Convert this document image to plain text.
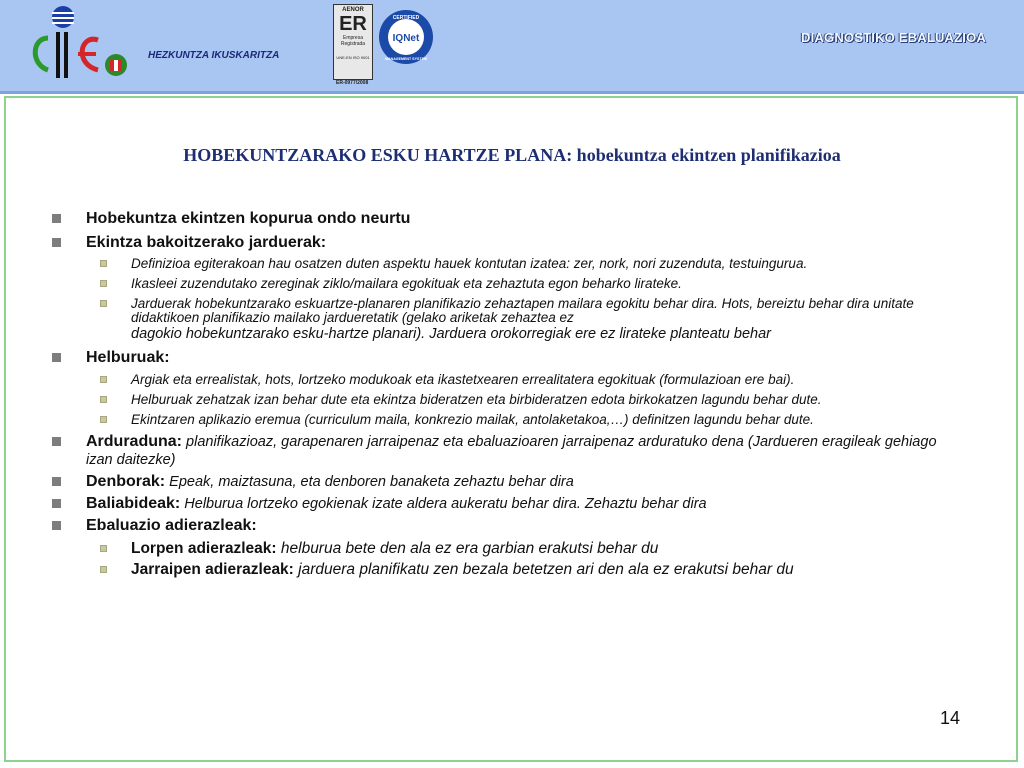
HEZKUNTZA IKUSKARITZA
AENOR
ER
Empresa
Registrada
UNE-EN ISO 9001
ER-0977/2008
IQNet
CERTIFIED
MANAGEMENT SYSTEM
DIAGNOSTIKO EBALUAZIOA
HOBEKUNTZARAKO ESKU HARTZE PLANA: hobekuntza ekintzen planifikazioa
Hobekuntza ekintzen kopurua ondo neurtu
Ekintza bakoitzerako jarduerak:
Definizioa egiterakoan hau osatzen duten aspektu hauek kontutan izatea: zer, nork, nori zuzenduta, testuingurua.
Ikasleei zuzendutako zereginak ziklo/mailara egokituak eta zehaztuta egon beharko lirateke.
Jarduerak hobekuntzarako eskuartze-planaren planifikazio zehaztapen mailara egokitu behar dira. Hots, bereiztu behar dira unitate didaktikoen planifikazio mailako jardueretatik (gelako ariketak zehaztea ez
dagokio hobekuntzarako esku-hartze planari). Jarduera orokorregiak ere ez lirateke planteatu behar
Helburuak:
Argiak eta errealistak, hots, lortzeko modukoak eta ikastetxearen errealitatera egokituak (formulazioan ere bai).
Helburuak zehatzak izan behar dute eta ekintza bideratzen eta birbideratzen edota birkokatzen lagundu behar dute.
Ekintzaren aplikazio eremua (curriculum maila, konkrezio mailak, antolaketakoa,…) definitzen lagundu behar dute.
Arduraduna: planifikazioaz, garapenaren jarraipenaz eta ebaluazioaren jarraipenaz arduratuko dena (Jardueren eragileak gehiago izan daitezke)
Denborak: Epeak, maiztasuna, eta denboren banaketa zehaztu behar dira
Baliabideak: Helburua lortzeko egokienak izate aldera aukeratu behar dira. Zehaztu behar dira
Ebaluazio adierazleak:
Lorpen adierazleak: helburua bete den ala ez era garbian erakutsi behar du
Jarraipen adierazleak: jarduera planifikatu zen bezala betetzen ari den ala ez erakutsi behar du
14
